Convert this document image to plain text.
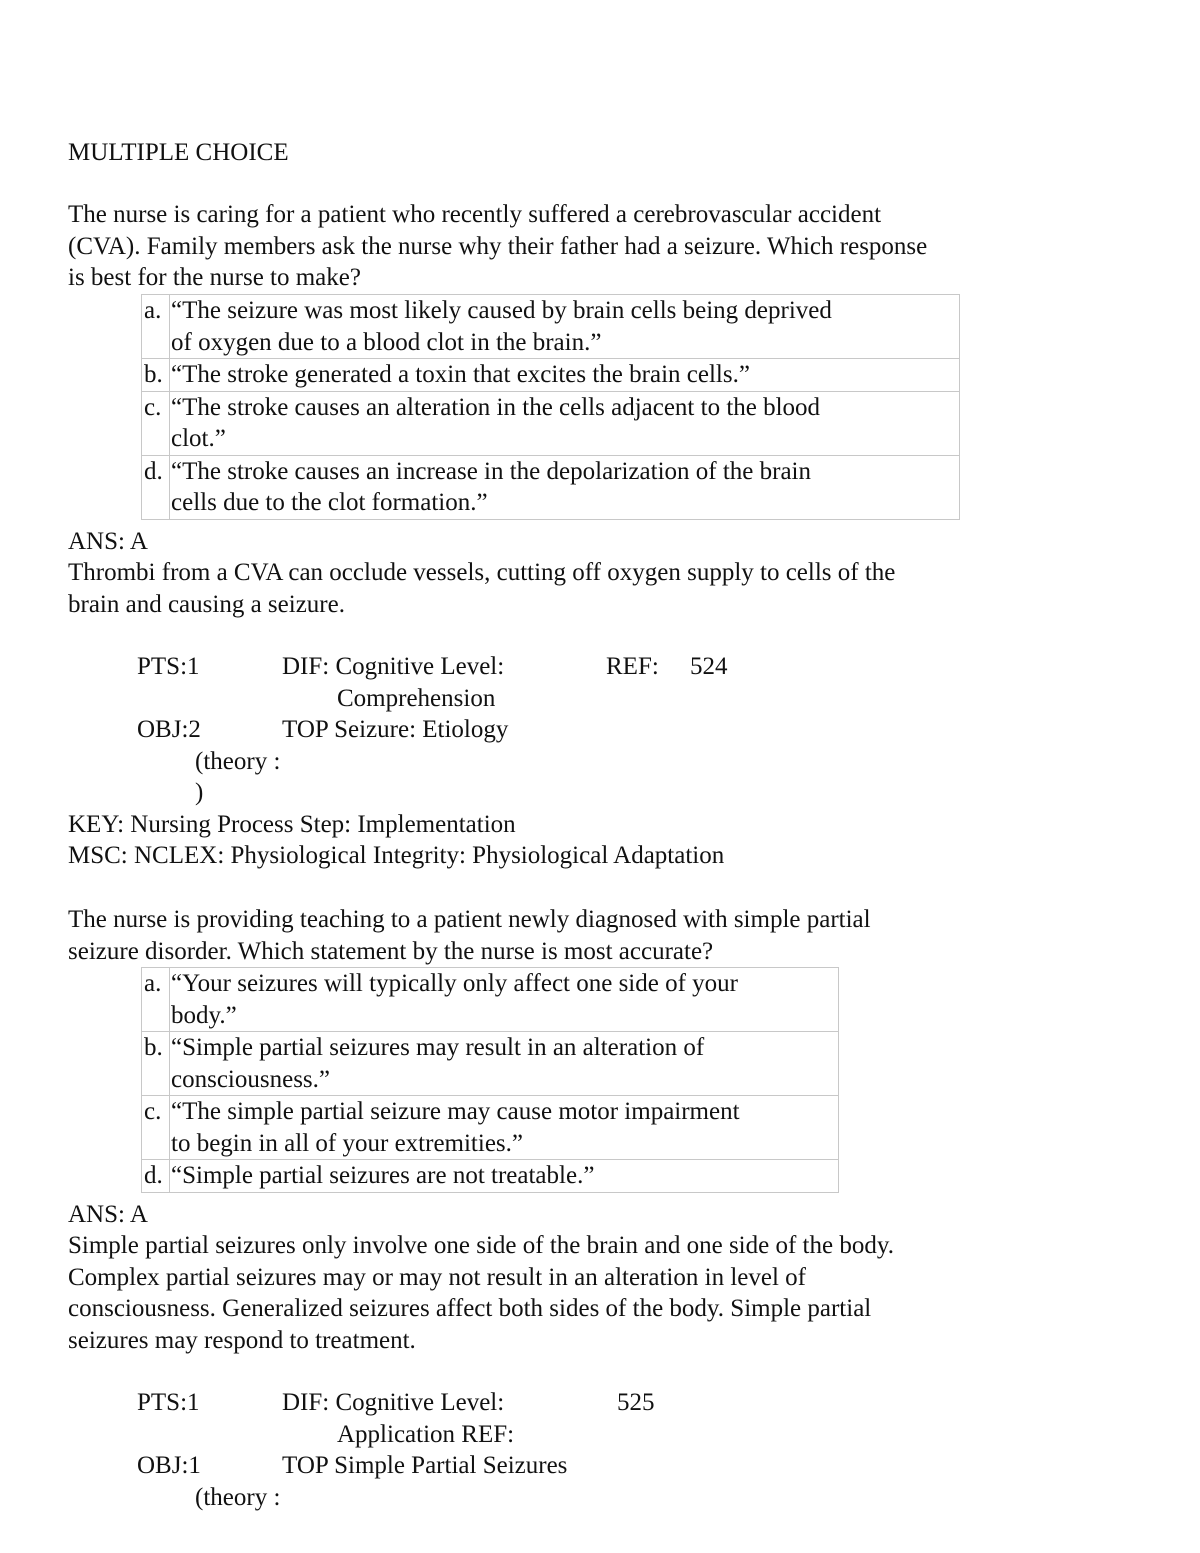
MULTIPLE CHOICE
The nurse is caring for a patient who recently suffered a cerebrovascular accident
(CVA). Family members ask the nurse why their father had a seizure. Which response
is best for the nurse to make?
a.	“The seizure was most likely caused by brain cells being deprived
of oxygen due to a blood clot in the brain.”

b.	“The stroke generated a toxin that excites the brain cells.”

c.	“The stroke causes an alteration in the cells adjacent to the blood
clot.”

d.	“The stroke causes an increase in the depolarization of the brain
cells due to the clot formation.”
ANS: A
Thrombi from a CVA can occlude vessels, cutting off oxygen supply to cells of the
brain and causing a seizure.
PTS:1	DIF: Cognitive Level:
Comprehension
REF: 524
OBJ:2	TOP Seizure: Etiology
(theory :
)
KEY: Nursing Process Step: Implementation
MSC: NCLEX: Physiological Integrity: Physiological Adaptation
The nurse is providing teaching to a patient newly diagnosed with simple partial
seizure disorder. Which statement by the nurse is most accurate?
a.	“Your seizures will typically only affect one side of your
body.”

b.	“Simple partial seizures may result in an alteration of
consciousness.”

c.	“The simple partial seizure may cause motor impairment
to begin in all of your extremities.”

d.	“Simple partial seizures are not treatable.”
ANS: A
Simple partial seizures only involve one side of the brain and one side of the body.
Complex partial seizures may or may not result in an alteration in level of
consciousness. Generalized seizures affect both sides of the body. Simple partial
seizures may respond to treatment.
PTS:1	DIF: Cognitive Level:
Application REF:
525
OBJ:1	TOP Simple Partial Seizures
(theory :
